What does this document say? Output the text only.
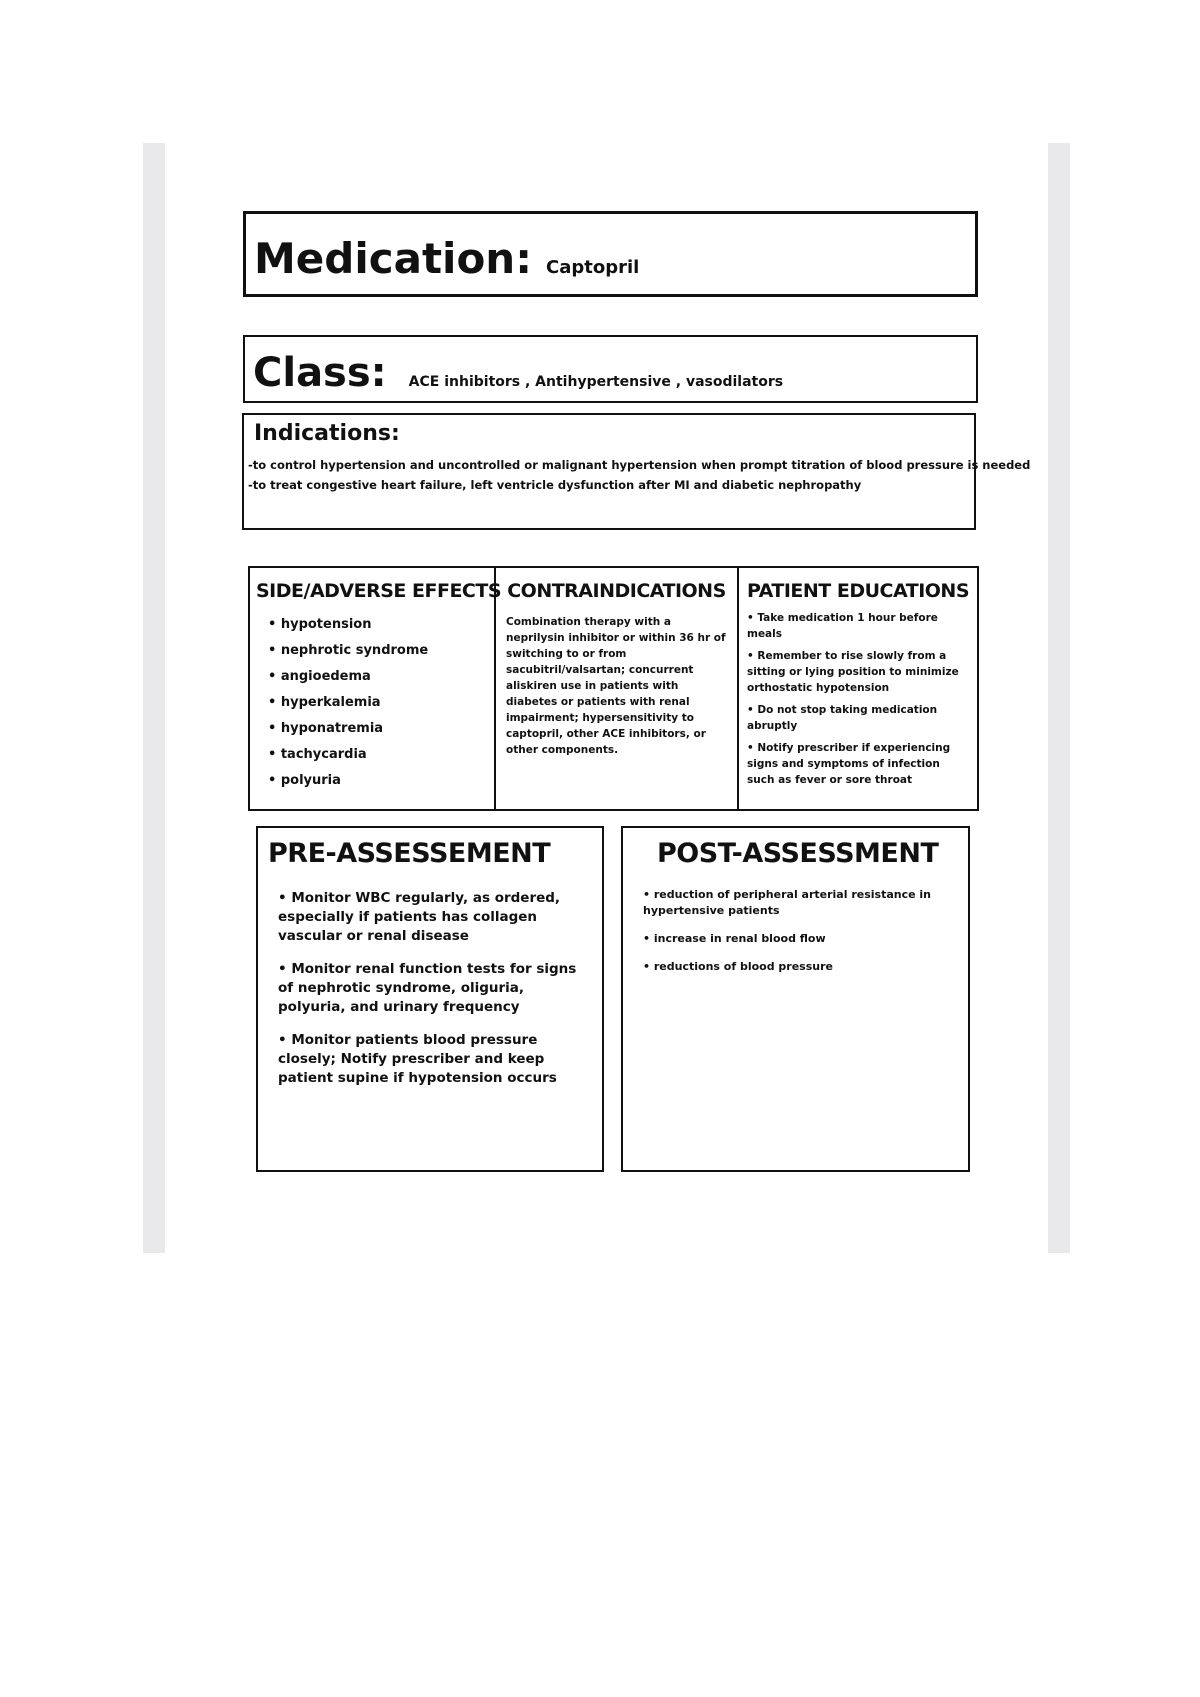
Medication: Captopril
Class: ACE inhibitors , Antihypertensive , vasodilators
Indications:
-to control hypertension and uncontrolled or malignant hypertension when prompt titration of blood pressure is needed
-to treat congestive heart failure, left ventricle dysfunction after MI and diabetic nephropathy
SIDE/ADVERSE EFFECTS
• hypotension
• nephrotic syndrome
• angioedema
• hyperkalemia
• hyponatremia
• tachycardia
• polyuria
CONTRAINDICATIONS

Combination therapy with a neprilysin inhibitor or within 36 hr of switching to or from sacubitril/valsartan; concurrent aliskiren use in patients with diabetes or patients with renal impairment; hypersensitivity to captopril, other ACE inhibitors, or other components.

PATIENT EDUCATIONS
• Take medication 1 hour before meals
• Remember to rise slowly from a sitting or lying position to minimize orthostatic hypotension
• Do not stop taking medication abruptly
• Notify prescriber if experiencing signs and symptoms of infection such as fever or sore throat
PRE-ASSESSEMENT
• Monitor WBC regularly, as ordered, especially if patients has collagen vascular or renal disease
• Monitor renal function tests for signs of nephrotic syndrome, oliguria, polyuria, and urinary frequency
• Monitor patients blood pressure closely; Notify prescriber and keep patient supine if hypotension occurs
POST-ASSESSMENT
• reduction of peripheral arterial resistance in hypertensive patients
• increase in renal blood flow
• reductions of blood pressure
